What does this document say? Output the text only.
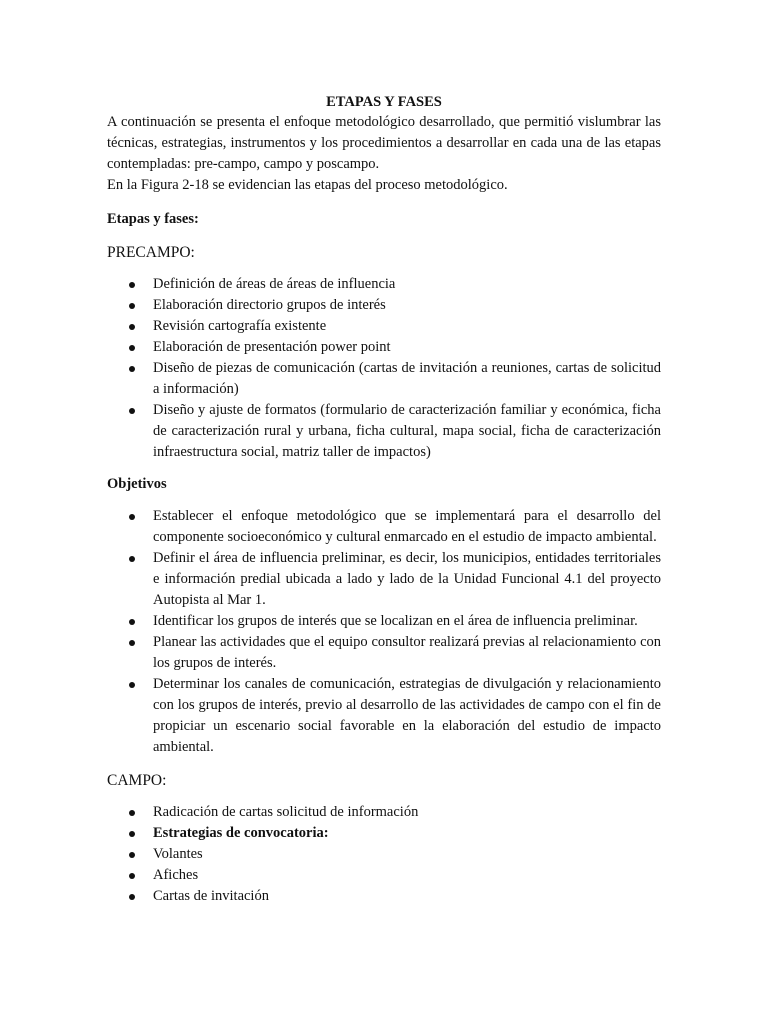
ETAPAS Y FASES

A continuación se presenta el enfoque metodológico desarrollado, que permitió vislumbrar las técnicas, estrategias, instrumentos y los procedimientos a desarrollar en cada una de las etapas contempladas: pre-campo, campo y poscampo.

En la Figura 2-18 se evidencian las etapas del proceso metodológico.

Etapas y fases:

PRECAMPO:

Definición de áreas de áreas de influencia
Elaboración directorio grupos de interés
Revisión cartografía existente
Elaboración de presentación power point
Diseño de piezas de comunicación (cartas de invitación a reuniones, cartas de solicitud a información)
Diseño y ajuste de formatos (formulario de caracterización familiar y económica, ficha de caracterización rural y urbana, ficha cultural, mapa social, ficha de caracterización infraestructura social, matriz taller de impactos)

Objetivos

Establecer el enfoque metodológico que se implementará para el desarrollo del componente socioeconómico y cultural enmarcado en el estudio de impacto ambiental.
Definir el área de influencia preliminar, es decir, los municipios, entidades territoriales e información predial ubicada a lado y lado de la Unidad Funcional 4.1 del proyecto Autopista al Mar 1.
Identificar los grupos de interés que se localizan en el área de influencia preliminar.
Planear las actividades que el equipo consultor realizará previas al relacionamiento con los grupos de interés.
Determinar los canales de comunicación, estrategias de divulgación y relacionamiento con los grupos de interés, previo al desarrollo de las actividades de campo con el fin de propiciar un escenario social favorable en la elaboración del estudio de impacto ambiental.

CAMPO:

Radicación de cartas solicitud de información
Estrategias de convocatoria:
Volantes
Afiches
Cartas de invitación
